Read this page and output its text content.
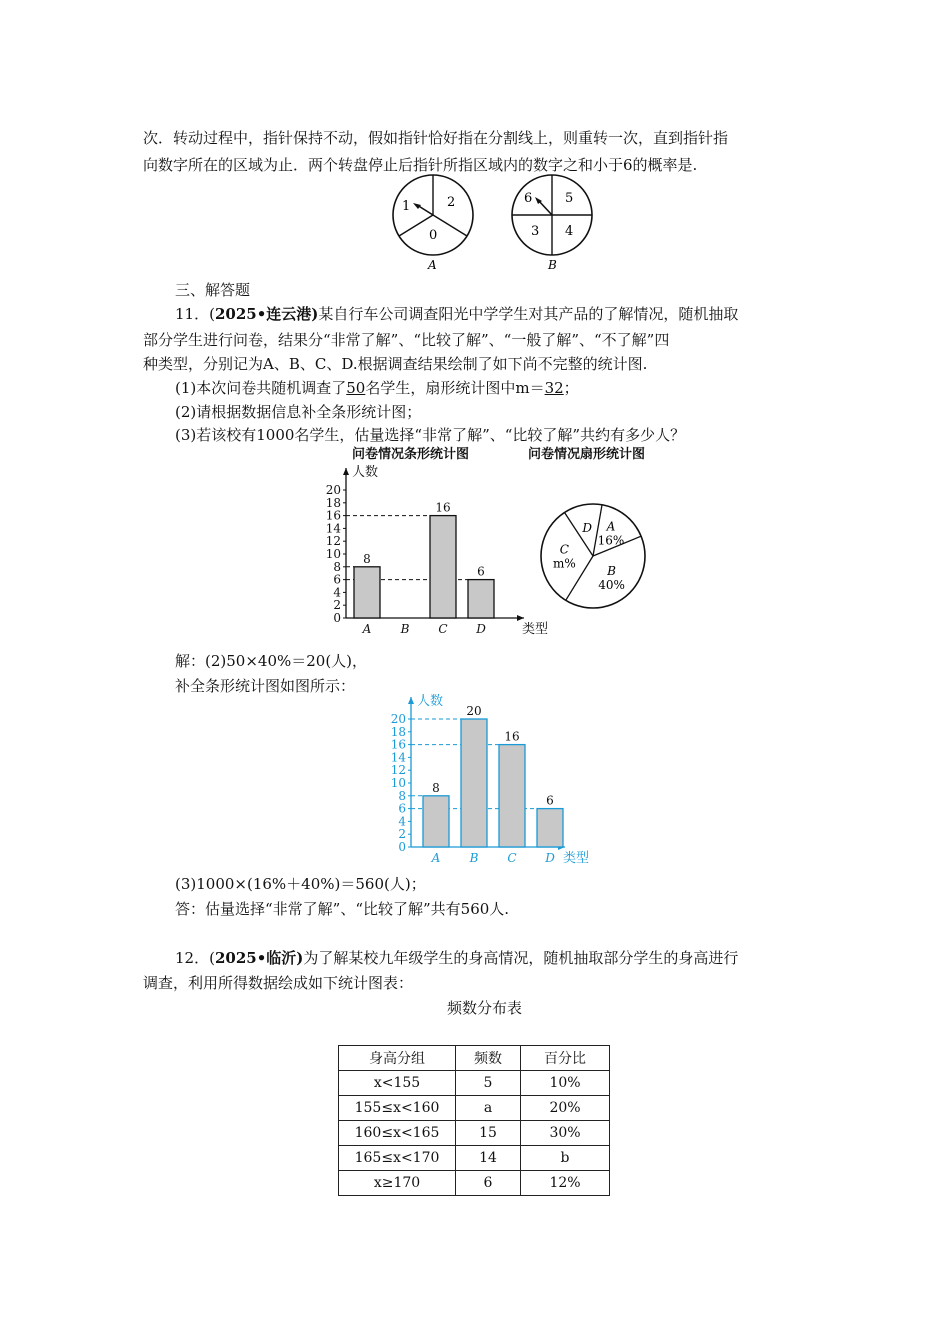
次．转动过程中，指针保持不动，假如指针恰好指在分割线上，则重转一次，直到指针指
向数字所在的区域为止．两个转盘停止后指针所指区域内的数字之和小于6的概率是.
1	2
0
A
6	5
3 4
B
三、解答题
11．(2025•连云港)某自行车公司调查阳光中学学生对其产品的了解情况，随机抽取
部分学生进行问卷，结果分“非常了解”、“比较了解”、“一般了解”、“不了解”四
种类型，分别记为A、B、C、D.根据调查结果绘制了如下尚不完整的统计图.
(1)本次问卷共随机调查了50名学生，扇形统计图中m＝32；
(2)请根据数据信息补全条形统计图；
(3)若该校有1000名学生，估量选择“非常了解”、“比较了解”共约有多少人？
问卷情况条形统计图	问卷情况扇形统计图
人数
类型
0
2
4
6
8
10
12
14
16
18
20
A
8
B C
16
D
6
A
16%
B
40%
C
m%
D
解：(2)50×40%＝20(人)，
补全条形统计图如图所示：
人数
类型
0
2
4
6
8
10
12
14
16
18
20
A
8
B
20
C
16
D
6
(3)1000×(16%＋40%)＝560(人)；
答：估量选择“非常了解”、“比较了解”共有560人.
12．(2025•临沂)为了解某校九年级学生的身高情况，随机抽取部分学生的身高进行
调查，利用所得数据绘成如下统计图表：
频数分布表
身高分组	频数	百分比
x<155	5	10%
155≤x<160	a	20%
160≤x<165	15	30%
165≤x<170	14	b
x≥170	6	12%
